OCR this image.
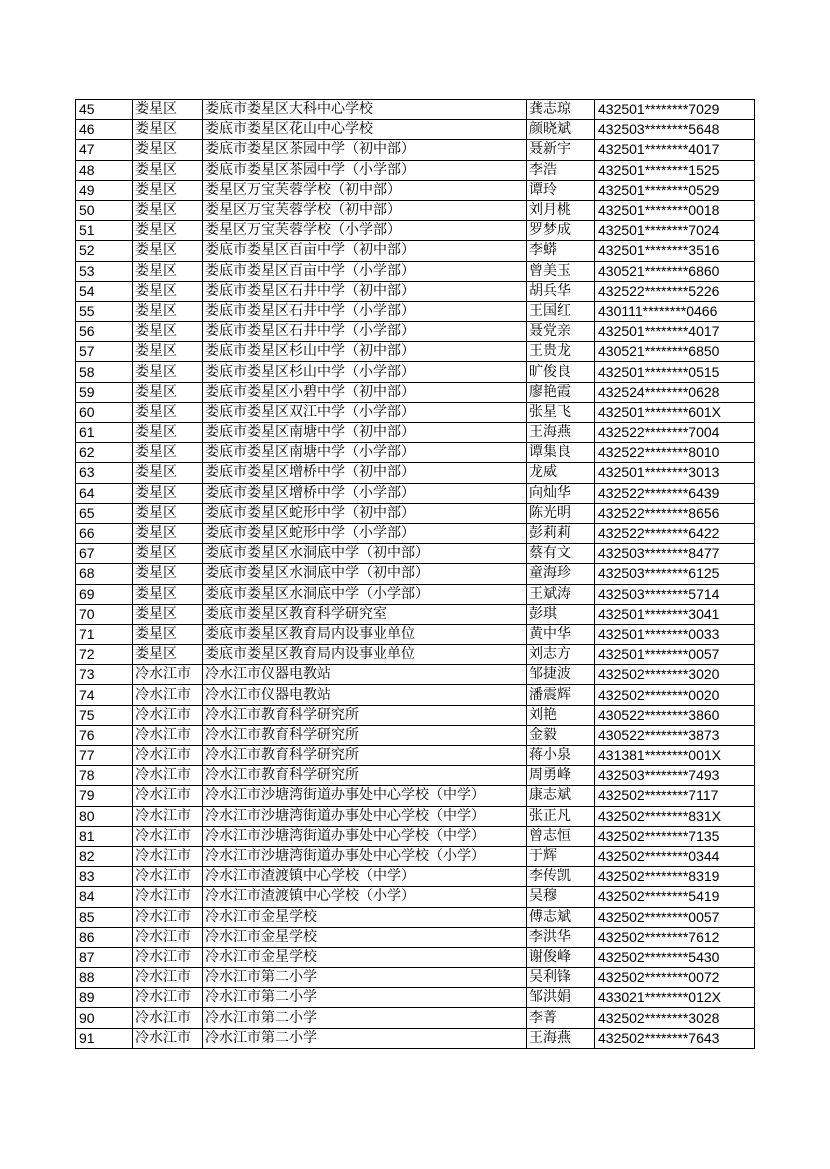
45	娄星区	娄底市娄星区大科中心学校	龚志琼	432501********7029
46	娄星区	娄底市娄星区花山中心学校	颜晓斌	432503********5648
47	娄星区	娄底市娄星区茶园中学（初中部）	聂新宇	432501********4017
48	娄星区	娄底市娄星区茶园中学（小学部）	李浩	432501********1525
49	娄星区	娄星区万宝芙蓉学校（初中部）	谭玲	432501********0529
50	娄星区	娄星区万宝芙蓉学校（初中部）	刘月桃	432501********0018
51	娄星区	娄星区万宝芙蓉学校（小学部）	罗梦成	432501********7024
52	娄星区	娄底市娄星区百亩中学（初中部）	李蟒	432501********3516
53	娄星区	娄底市娄星区百亩中学（小学部）	曾美玉	430521********6860
54	娄星区	娄底市娄星区石井中学（初中部）	胡兵华	432522********5226
55	娄星区	娄底市娄星区石井中学（小学部）	王国红	430111********0466
56	娄星区	娄底市娄星区石井中学（小学部）	聂党亲	432501********4017
57	娄星区	娄底市娄星区杉山中学（初中部）	王贵龙	430521********6850
58	娄星区	娄底市娄星区杉山中学（小学部）	旷俊良	432501********0515
59	娄星区	娄底市娄星区小碧中学（初中部）	廖艳霞	432524********0628
60	娄星区	娄底市娄星区双江中学（小学部）	张星飞	432501********601X
61	娄星区	娄底市娄星区南塘中学（初中部）	王海燕	432522********7004
62	娄星区	娄底市娄星区南塘中学（小学部）	谭集良	432522********8010
63	娄星区	娄底市娄星区增桥中学（初中部）	龙威	432501********3013
64	娄星区	娄底市娄星区增桥中学（小学部）	向灿华	432522********6439
65	娄星区	娄底市娄星区蛇形中学（初中部）	陈光明	432522********8656
66	娄星区	娄底市娄星区蛇形中学（小学部）	彭莉莉	432522********6422
67	娄星区	娄底市娄星区水洞底中学（初中部）	蔡有文	432503********8477
68	娄星区	娄底市娄星区水洞底中学（初中部）	童海珍	432503********6125
69	娄星区	娄底市娄星区水洞底中学（小学部）	王斌涛	432503********5714
70	娄星区	娄底市娄星区教育科学研究室	彭琪	432501********3041
71	娄星区	娄底市娄星区教育局内设事业单位	黄中华	432501********0033
72	娄星区	娄底市娄星区教育局内设事业单位	刘志方	432501********0057
73	冷水江市	冷水江市仪器电教站	邹捷波	432502********3020
74	冷水江市	冷水江市仪器电教站	潘震辉	432502********0020
75	冷水江市	冷水江市教育科学研究所	刘艳	430522********3860
76	冷水江市	冷水江市教育科学研究所	金毅	430522********3873
77	冷水江市	冷水江市教育科学研究所	蒋小泉	431381********001X
78	冷水江市	冷水江市教育科学研究所	周勇峰	432503********7493
79	冷水江市	冷水江市沙塘湾街道办事处中心学校（中学）	康志斌	432502********7117
80	冷水江市	冷水江市沙塘湾街道办事处中心学校（中学）	张正凡	432502********831X
81	冷水江市	冷水江市沙塘湾街道办事处中心学校（中学）	曾志恒	432502********7135
82	冷水江市	冷水江市沙塘湾街道办事处中心学校（小学）	于辉	432502********0344
83	冷水江市	冷水江市渣渡镇中心学校（中学）	李传凯	432502********8319
84	冷水江市	冷水江市渣渡镇中心学校（小学）	吴穆	432502********5419
85	冷水江市	冷水江市金星学校	傅志斌	432502********0057
86	冷水江市	冷水江市金星学校	李洪华	432502********7612
87	冷水江市	冷水江市金星学校	谢俊峰	432502********5430
88	冷水江市	冷水江市第二小学	吴利锋	432502********0072
89	冷水江市	冷水江市第二小学	邹洪娟	433021********012X
90	冷水江市	冷水江市第二小学	李菁	432502********3028
91	冷水江市	冷水江市第二小学	王海燕	432502********7643
